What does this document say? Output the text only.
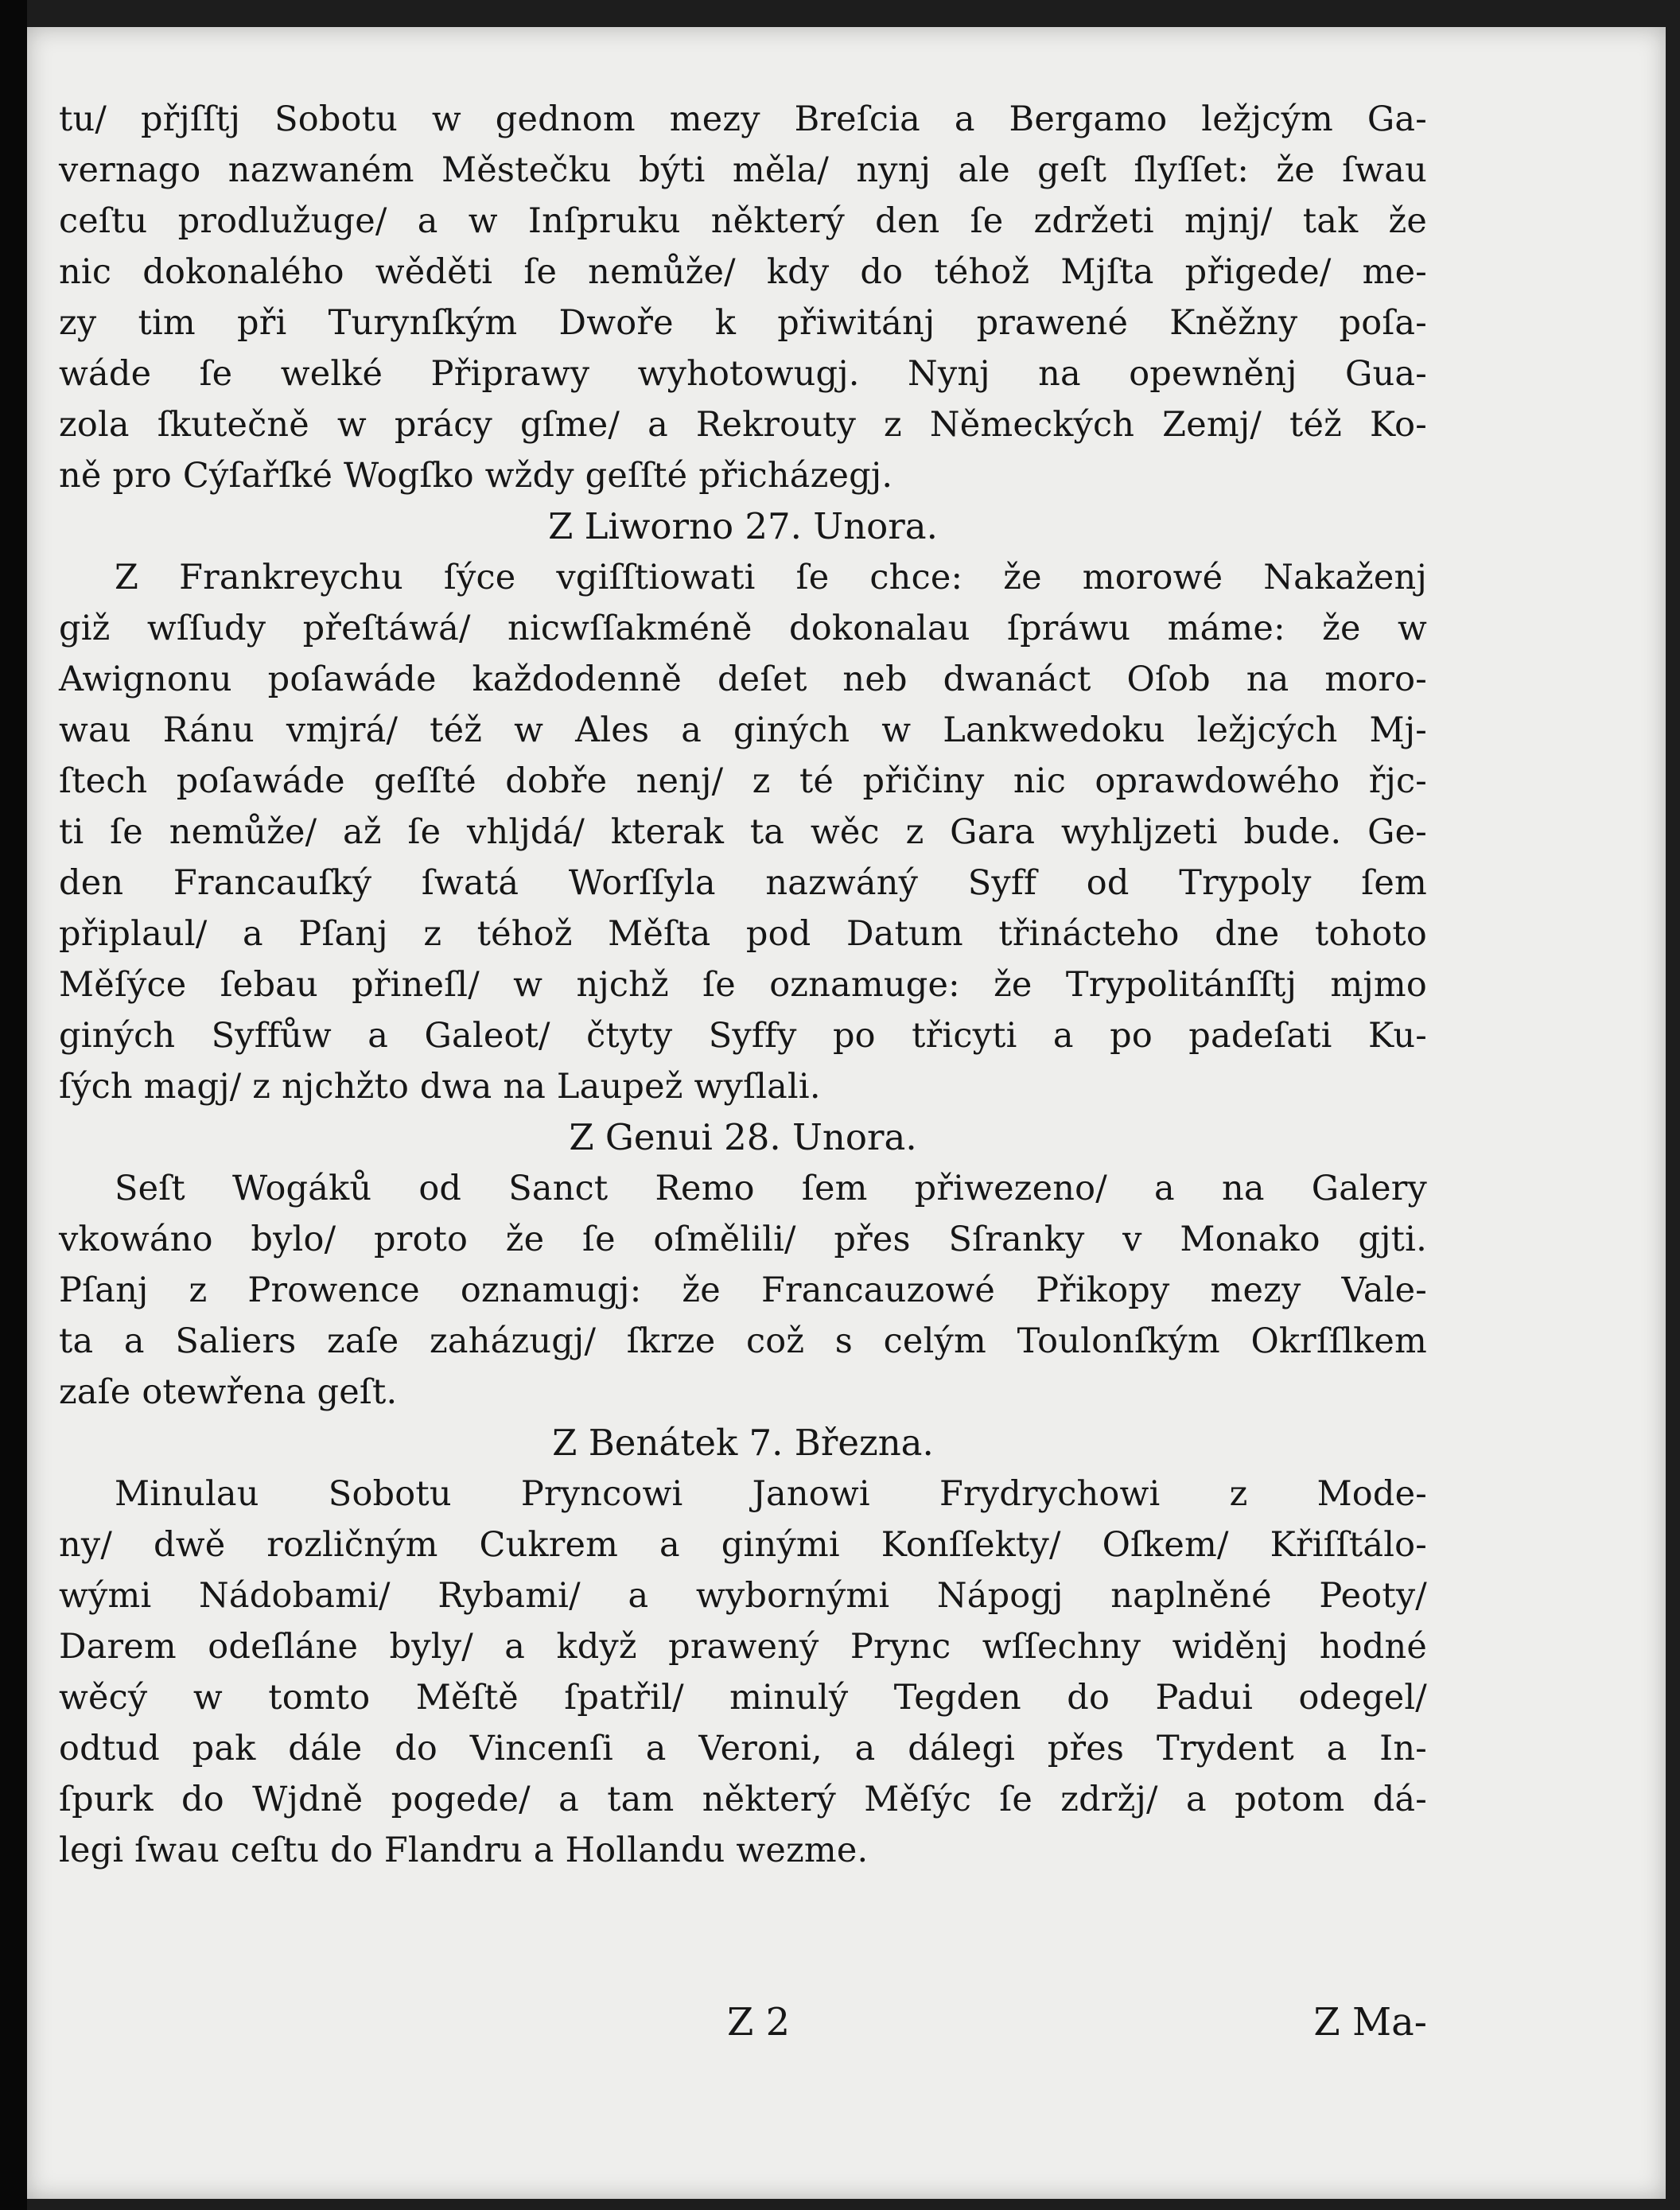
tu/ přjſſtj Sobotu w gednom mezy Breſcia a Bergamo ležjcým Ga-
vernago nazwaném Městečku býti měla/ nynj ale geſt ſlyſſet: že ſwau
ceſtu prodlužuge/ a w Inſpruku některý den ſe zdržeti mjnj/ tak že
nic dokonalého wěděti ſe nemůže/ kdy do téhož Mjſta přigede/ me-
zy tim při Turynſkým Dwoře k přiwitánj prawené Kněžny poſa-
wáde ſe welké Připrawy wyhotowugj. Nynj na opewněnj Gua-
zola ſkutečně w prácy gſme/ a Rekrouty z Německých Zemj/ též Ko-
ně pro Cýſařſké Wogſko wždy geſſté přicházegj.
Z Liworno 27. Unora.
Z Frankreychu ſýce vgiſſtiowati ſe chce: že morowé Nakaženj
giž wſſudy přeſtáwá/ nicwſſakméně dokonalau ſpráwu máme: že w
Awignonu poſawáde každodenně deſet neb dwanáct Oſob na moro-
wau Ránu vmjrá/ též w Ales a giných w Lankwedoku ležjcých Mj-
ſtech poſawáde geſſté dobře nenj/ z té přičiny nic oprawdowého řjc-
ti ſe nemůže/ až ſe vhljdá/ kterak ta wěc z Gara wyhljzeti bude. Ge-
den Francauſký ſwatá Worſſyla nazwáný Syff od Trypoly ſem
připlaul/ a Pſanj z téhož Měſta pod Datum třinácteho dne tohoto
Měſýce ſebau přineſl/ w njchž ſe oznamuge: že Trypolitánſſtj mjmo
giných Syffůw a Galeot/ čtyty Syffy po třicyti a po padeſati Ku-
ſých magj/ z njchžto dwa na Laupež wyſlali.
Z Genui 28. Unora.
Seſt Wogáků od Sanct Remo ſem přiwezeno/ a na Galery
vkowáno bylo/ proto že ſe oſmělili/ přes Sſranky v Monako gjti.
Pſanj z Prowence oznamugj: že Francauzowé Přikopy mezy Vale-
ta a Saliers zaſe zaházugj/ ſkrze což s celým Toulonſkým Okrſſlkem
zaſe otewřena geſt.
Z Benátek 7. Března.
Minulau Sobotu Pryncowi Janowi Frydrychowi z Mode-
ny/ dwě rozličným Cukrem a ginými Konſſekty/ Oſkem/ Křiſſtálo-
wými Nádobami/ Rybami/ a wybornými Nápogj naplněné Peoty/
Darem odeſláne byly/ a když prawený Prync wſſechny widěnj hodné
wěcý w tomto Měſtě ſpatřil/ minulý Tegden do Padui odegel/
odtud pak dále do Vincenſi a Veroni, a dálegi přes Trydent a In-
ſpurk do Wjdně pogede/ a tam některý Měſýc ſe zdržj/ a potom dá-
legi ſwau ceſtu do Flandru a Hollandu wezme.
Z 2	Z Ma-
